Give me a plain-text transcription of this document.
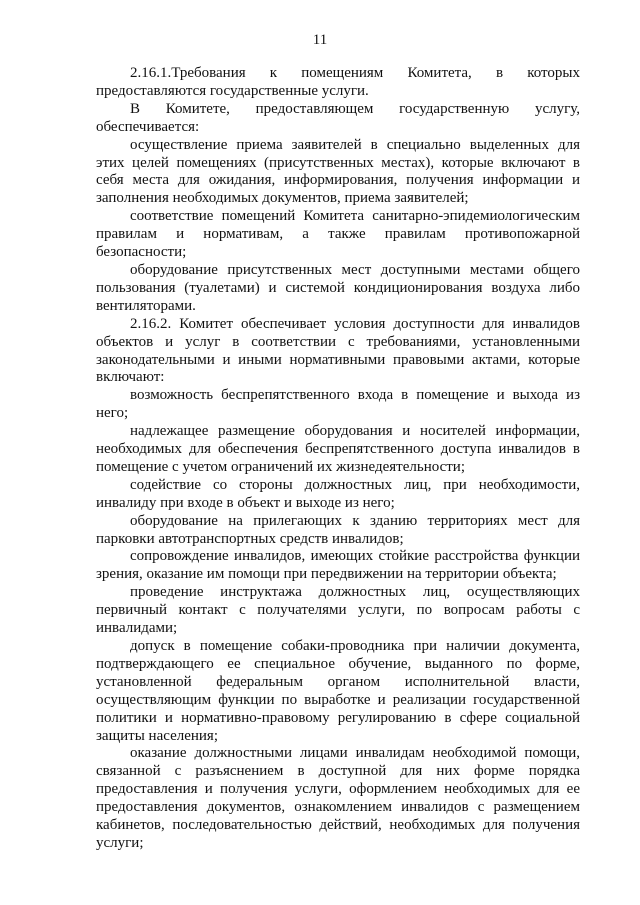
11

2.16.1.Требования к помещениям Комитета, в которых предоставляются государственные услуги.

В Комитете, предоставляющем государственную услугу, обеспечивается:

осуществление приема заявителей в специально выделенных для этих целей помещениях (присутственных местах), которые включают в себя места для ожидания, информирования, получения информации и заполнения необходимых документов, приема заявителей;

соответствие помещений Комитета санитарно-эпидемиологическим правилам и нормативам, а также правилам противопожарной безопасности;

оборудование присутственных мест доступными местами общего пользования (туалетами) и системой кондиционирования воздуха либо вентиляторами.

2.16.2. Комитет обеспечивает условия доступности для инвалидов объектов и услуг в соответствии с требованиями, установленными законодательными и иными нормативными правовыми актами, которые включают:

возможность беспрепятственного входа в помещение и выхода из него;

надлежащее размещение оборудования и носителей информации, необходимых для обеспечения беспрепятственного доступа инвалидов в помещение с учетом ограничений их жизнедеятельности;

содействие со стороны должностных лиц, при необходимости, инвалиду при входе в объект и выходе из него;

оборудование на прилегающих к зданию территориях мест для парковки автотранспортных средств инвалидов;

сопровождение инвалидов, имеющих стойкие расстройства функции зрения, оказание им помощи при передвижении на территории объекта;

проведение инструктажа должностных лиц, осуществляющих первичный контакт с получателями услуги, по вопросам работы с инвалидами;

допуск в помещение собаки-проводника при наличии документа, подтверждающего ее специальное обучение, выданного по форме, установленной федеральным органом исполнительной власти, осуществляющим функции по выработке и реализации государственной политики и нормативно-правовому регулированию в сфере социальной защиты населения;

оказание должностными лицами инвалидам необходимой помощи, связанной с разъяснением в доступной для них форме порядка предоставления и получения услуги, оформлением необходимых для ее предоставления документов, ознакомлением инвалидов с размещением кабинетов, последовательностью действий, необходимых для получения услуги;
